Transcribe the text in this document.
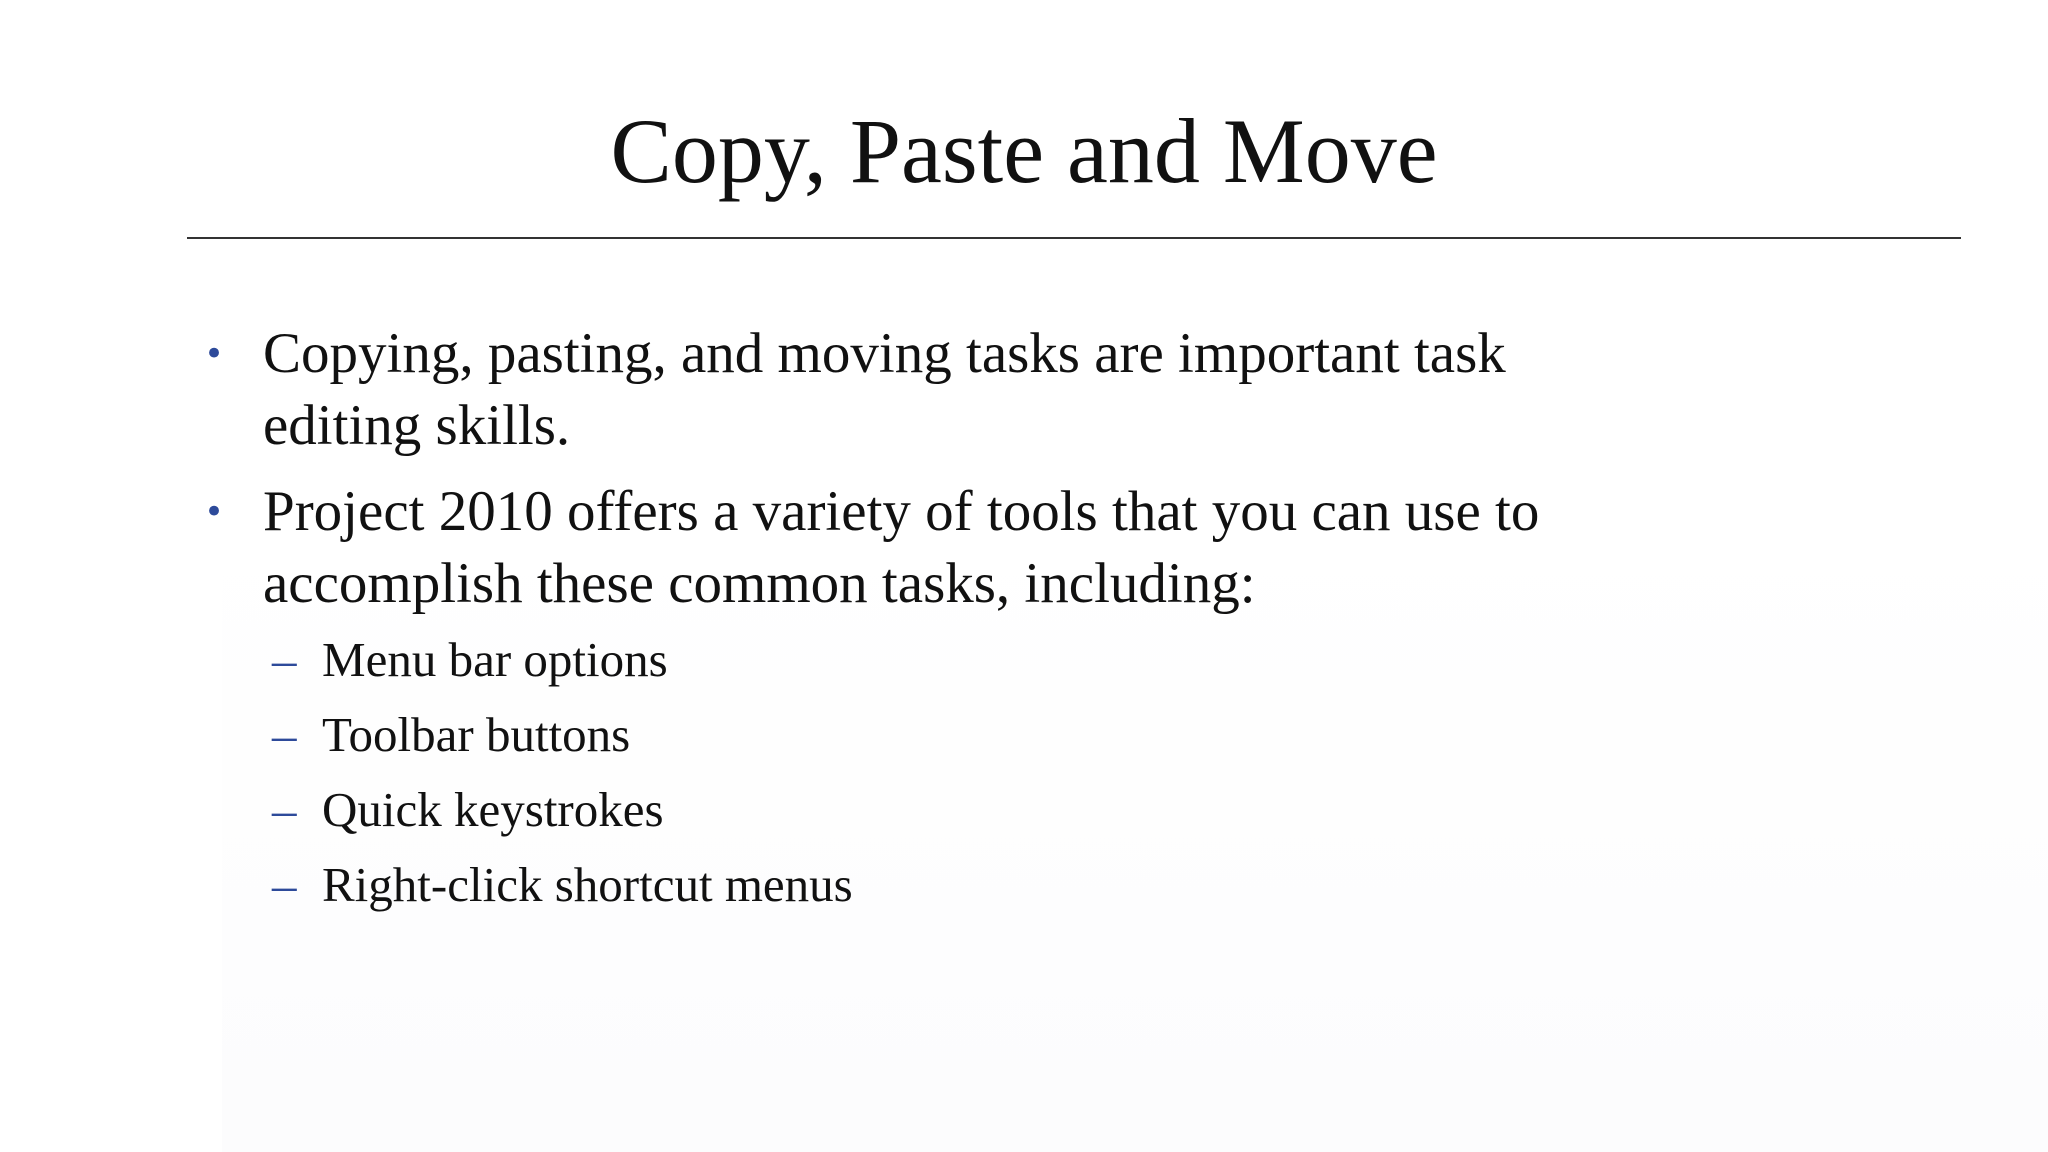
Copy, Paste and Move
• Copying, pasting, and moving tasks are important task editing skills.
• Project 2010 offers a variety of tools that you can use to accomplish these common tasks, including:
– Menu bar options
– Toolbar buttons
– Quick keystrokes
– Right-click shortcut menus
